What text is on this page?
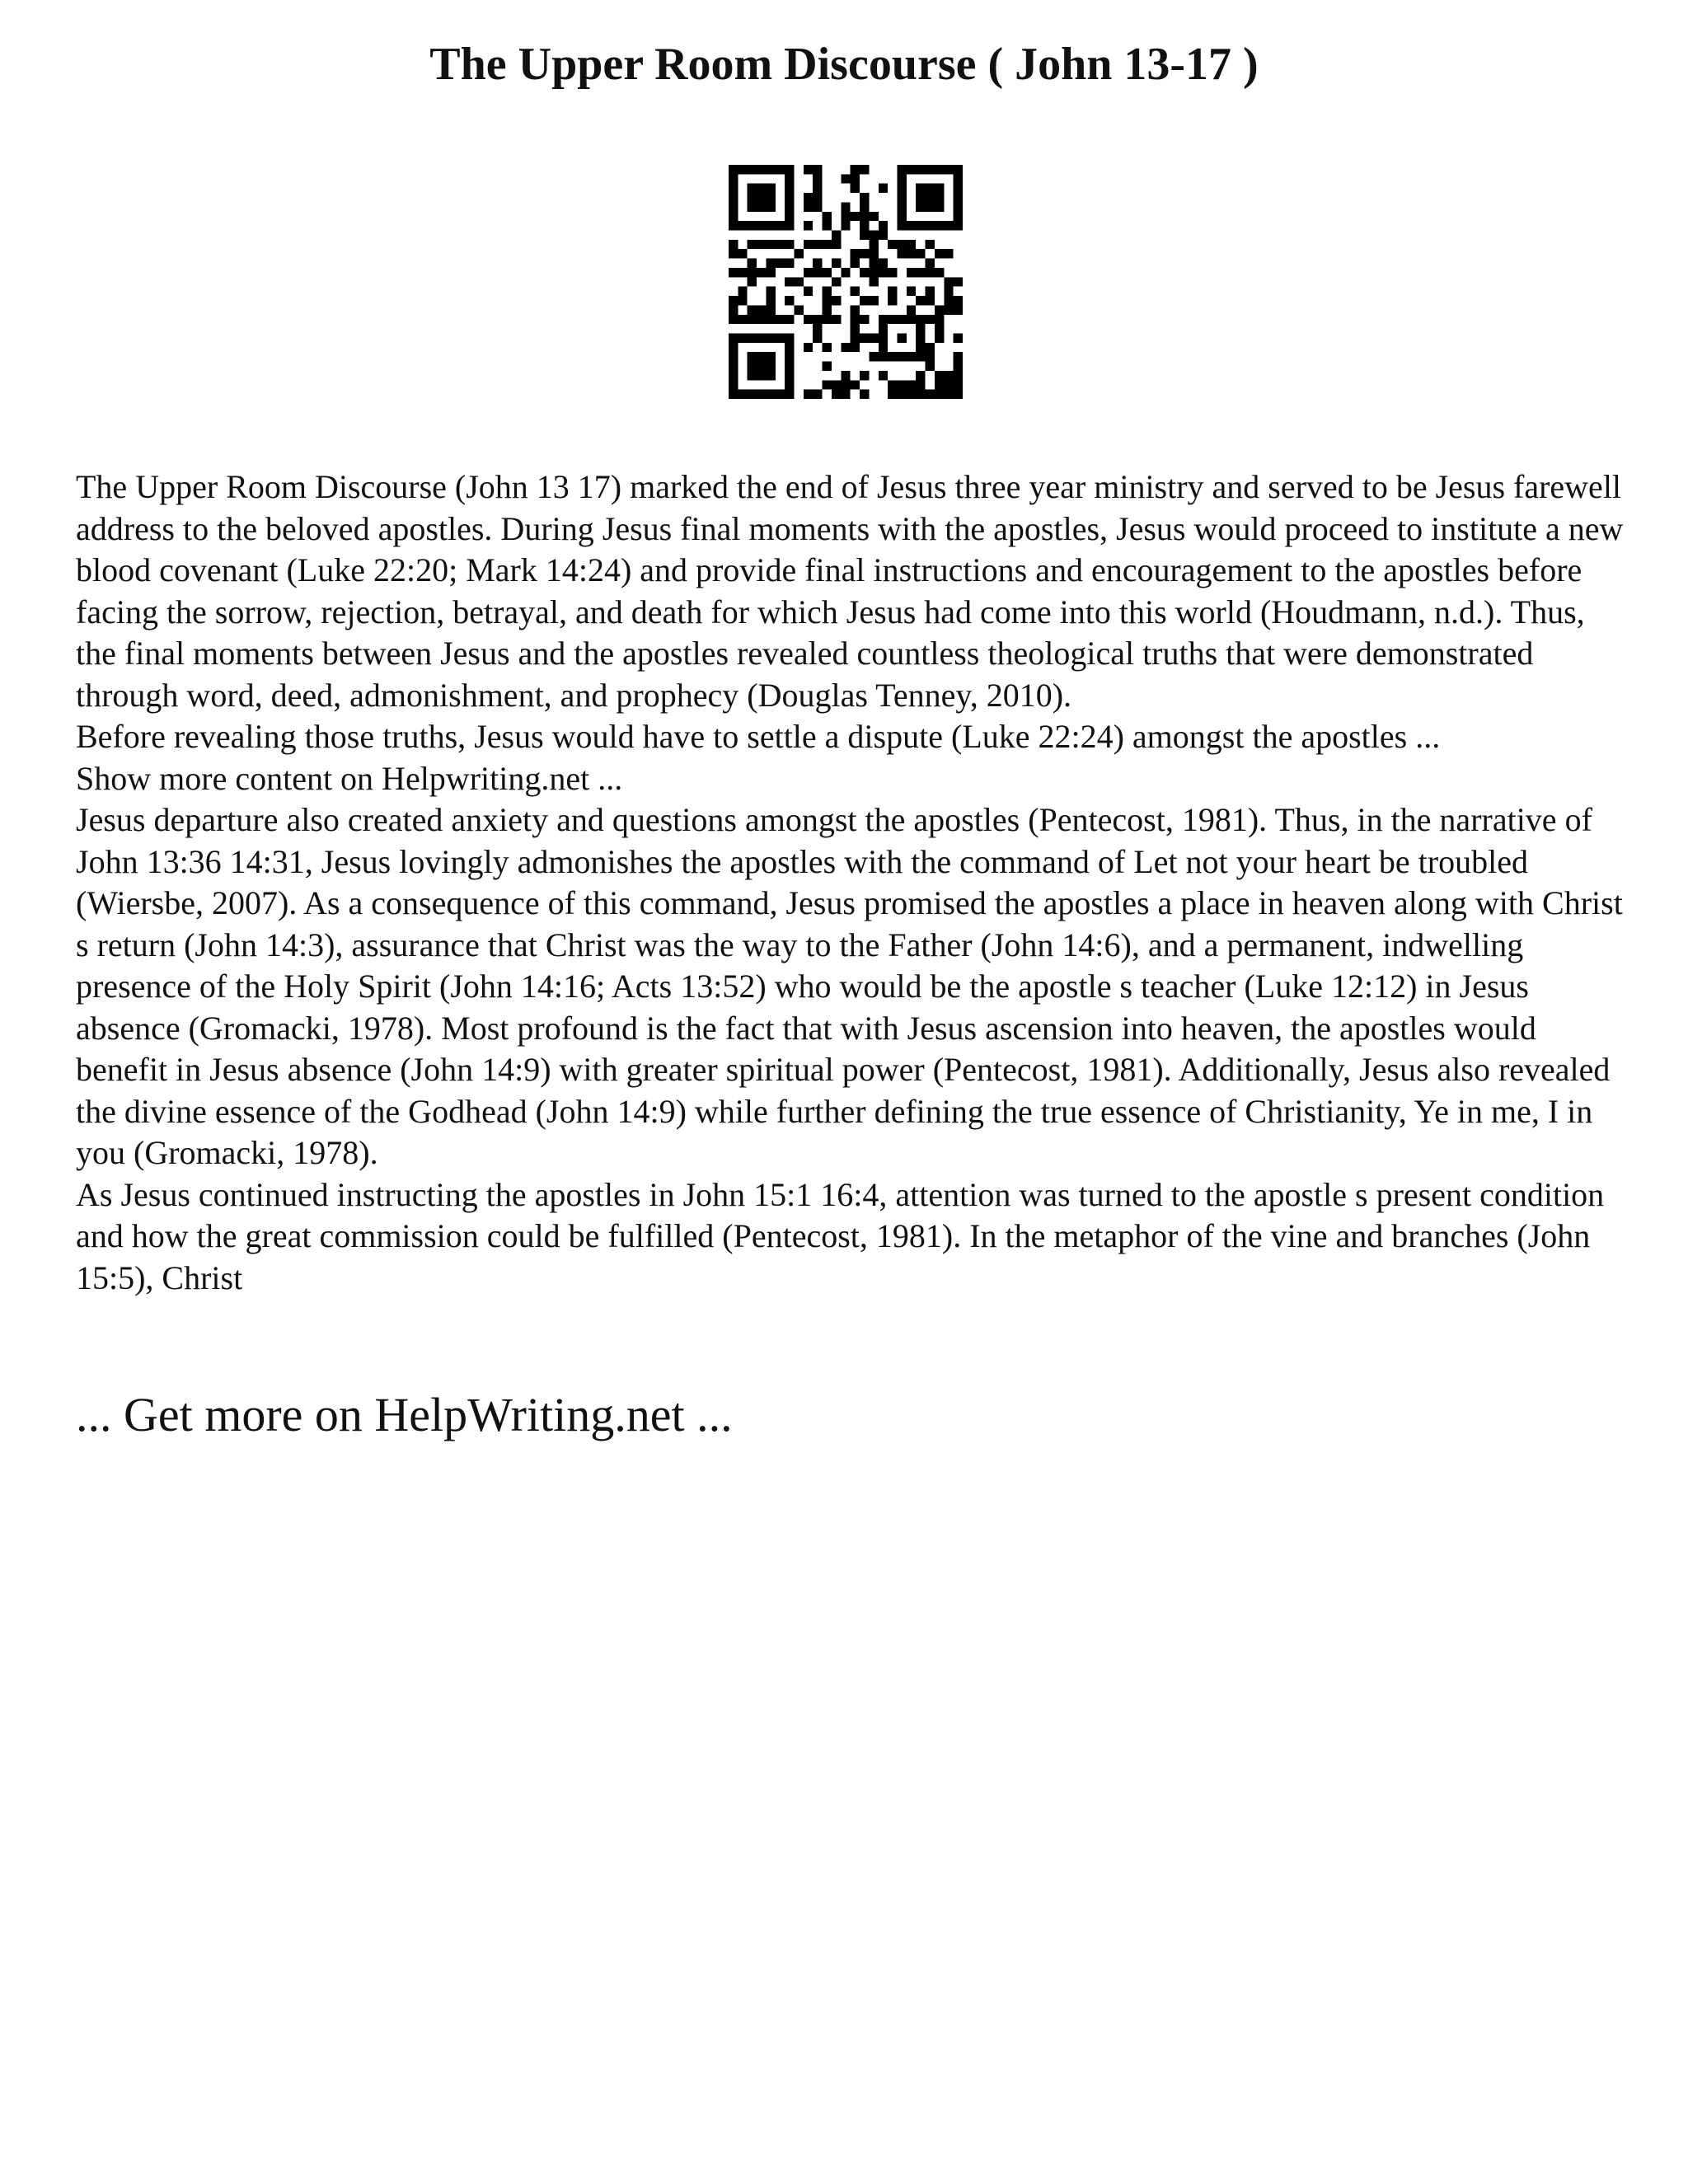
The Upper Room Discourse ( John 13-17 )

The Upper Room Discourse (John 13 17) marked the end of Jesus three year ministry and served to be Jesus farewell address to the beloved apostles. During Jesus final moments with the apostles, Jesus would proceed to institute a new blood covenant (Luke 22:20; Mark 14:24) and provide final instructions and encouragement to the apostles before facing the sorrow, rejection, betrayal, and death for which Jesus had come into this world (Houdmann, n.d.). Thus, the final moments between Jesus and the apostles revealed countless theological truths that were demonstrated through word, deed, admonishment, and prophecy (Douglas Tenney, 2010).

Before revealing those truths, Jesus would have to settle a dispute (Luke 22:24) amongst the apostles ...

Show more content on Helpwriting.net ...

Jesus departure also created anxiety and questions amongst the apostles (Pentecost, 1981). Thus, in the narrative of John 13:36 14:31, Jesus lovingly admonishes the apostles with the command of Let not your heart be troubled (Wiersbe, 2007). As a consequence of this command, Jesus promised the apostles a place in heaven along with Christ s return (John 14:3), assurance that Christ was the way to the Father (John 14:6), and a permanent, indwelling presence of the Holy Spirit (John 14:16; Acts 13:52) who would be the apostle s teacher (Luke 12:12) in Jesus absence (Gromacki, 1978). Most profound is the fact that with Jesus ascension into heaven, the apostles would benefit in Jesus absence (John 14:9) with greater spiritual power (Pentecost, 1981). Additionally, Jesus also revealed the divine essence of the Godhead (John 14:9) while further defining the true essence of Christianity, Ye in me, I in you (Gromacki, 1978).

As Jesus continued instructing the apostles in John 15:1 16:4, attention was turned to the apostle s present condition and how the great commission could be fulfilled (Pentecost, 1981). In the metaphor of the vine and branches (John 15:5), Christ

... Get more on HelpWriting.net ...
